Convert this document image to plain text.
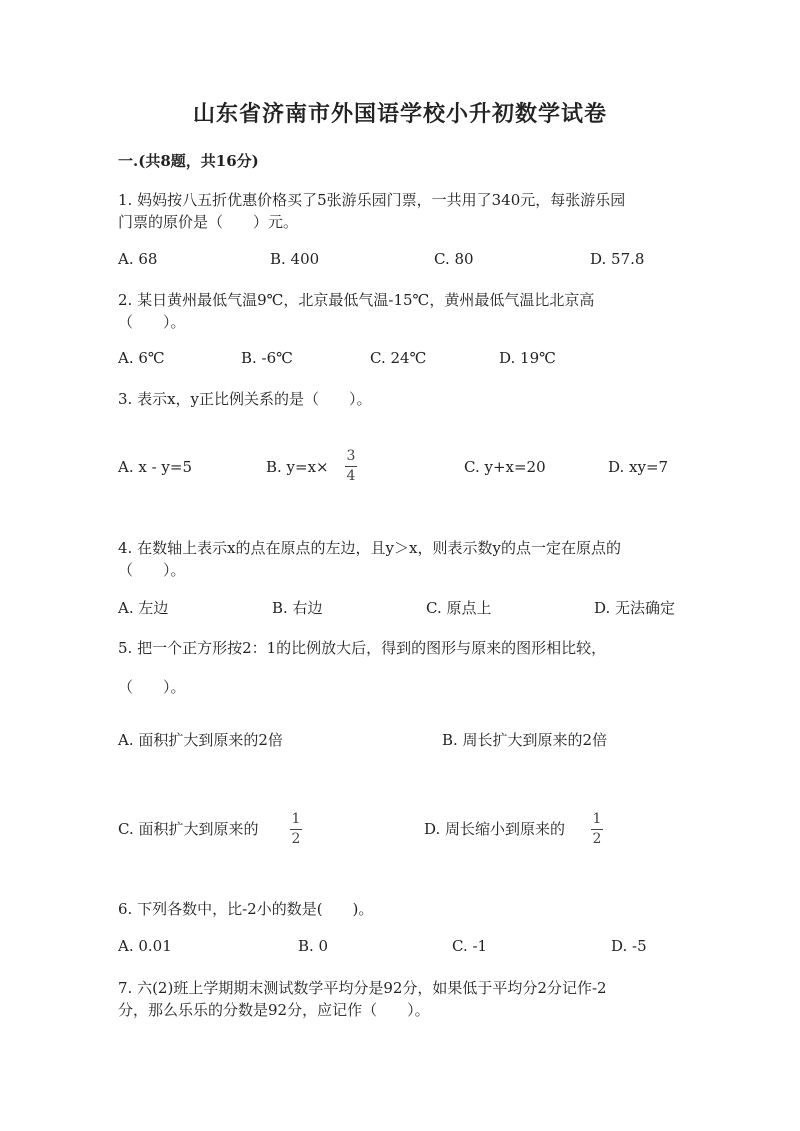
山东省济南市外国语学校小升初数学试卷
一.(共8题，共16分)
1. 妈妈按八五折优惠价格买了5张游乐园门票，一共用了340元，每张游乐园
门票的原价是（　　）元。
A. 68	B. 400	C. 80	D. 57.8
2. 某日黄州最低气温9℃，北京最低气温-15℃，黄州最低气温比北京高
（　　）。
A. 6℃	B. -6℃	C. 24℃	D. 19℃
3. 表示x，y正比例关系的是（　　）。
A. x - y=5	B. y=x×
3
4	C. y+x=20	D. xy=7
4. 在数轴上表示x的点在原点的左边，且y＞x，则表示数y的点一定在原点的
（　　）。
A. 左边	B. 右边	C. 原点上	D. 无法确定
5. 把一个正方形按2：1的比例放大后，得到的图形与原来的图形相比较，
（　　）。
A. 面积扩大到原来的2倍	B. 周长扩大到原来的2倍
C. 面积扩大到原来的
1
2
D. 周长缩小到原来的
1
2
6. 下列各数中，比-2小的数是(　　)。
A. 0.01	B. 0	C. -1	D. -5
7. 六(2)班上学期期末测试数学平均分是92分，如果低于平均分2分记作-2
分，那么乐乐的分数是92分，应记作（　　）。
